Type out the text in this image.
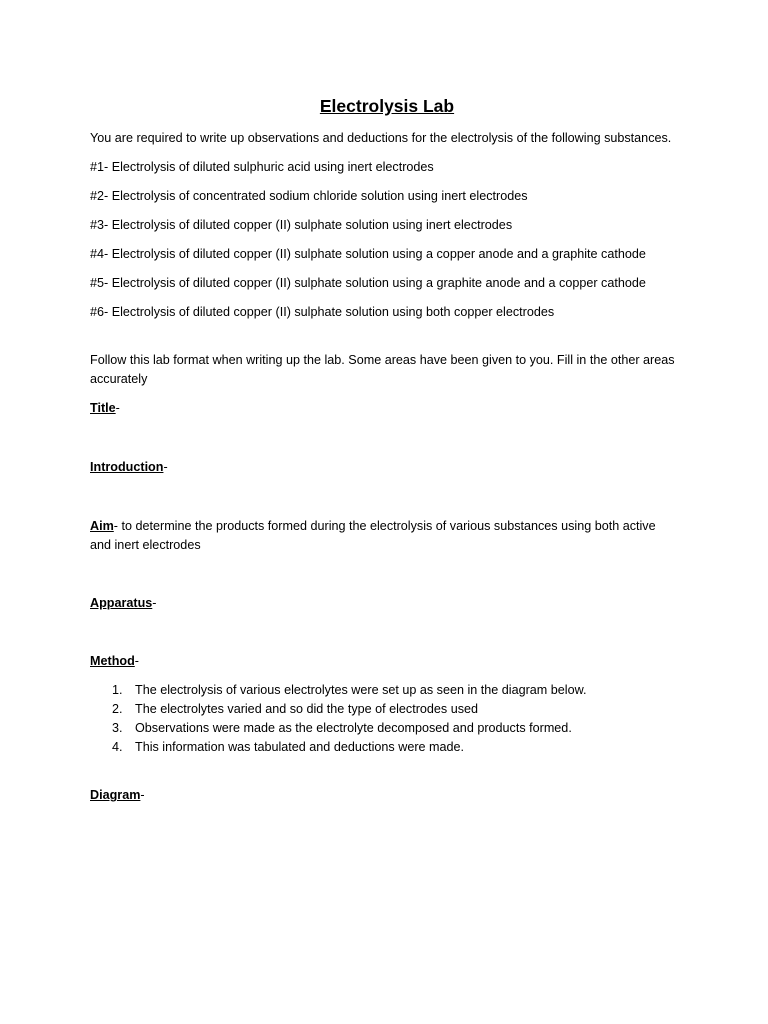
Electrolysis Lab

You are required to write up observations and deductions for the electrolysis of the following substances.

#1- Electrolysis of diluted sulphuric acid using inert electrodes

#2- Electrolysis of concentrated sodium chloride solution using inert electrodes

#3- Electrolysis of diluted copper (II) sulphate solution using inert electrodes

#4- Electrolysis of diluted copper (II) sulphate solution using a copper anode and a graphite cathode

#5- Electrolysis of diluted copper (II) sulphate solution using a graphite anode and a copper cathode

#6- Electrolysis of diluted copper (II) sulphate solution using both copper electrodes

Follow this lab format when writing up the lab. Some areas have been given to you. Fill in the other areas accurately

Title-

Introduction-

Aim- to determine the products formed during the electrolysis of various substances using both active and inert electrodes

Apparatus-

Method-

1. The electrolysis of various electrolytes were set up as seen in the diagram below.
2. The electrolytes varied and so did the type of electrodes used
3. Observations were made as the electrolyte decomposed and products formed.
4. This information was tabulated and deductions were made.

Diagram-
